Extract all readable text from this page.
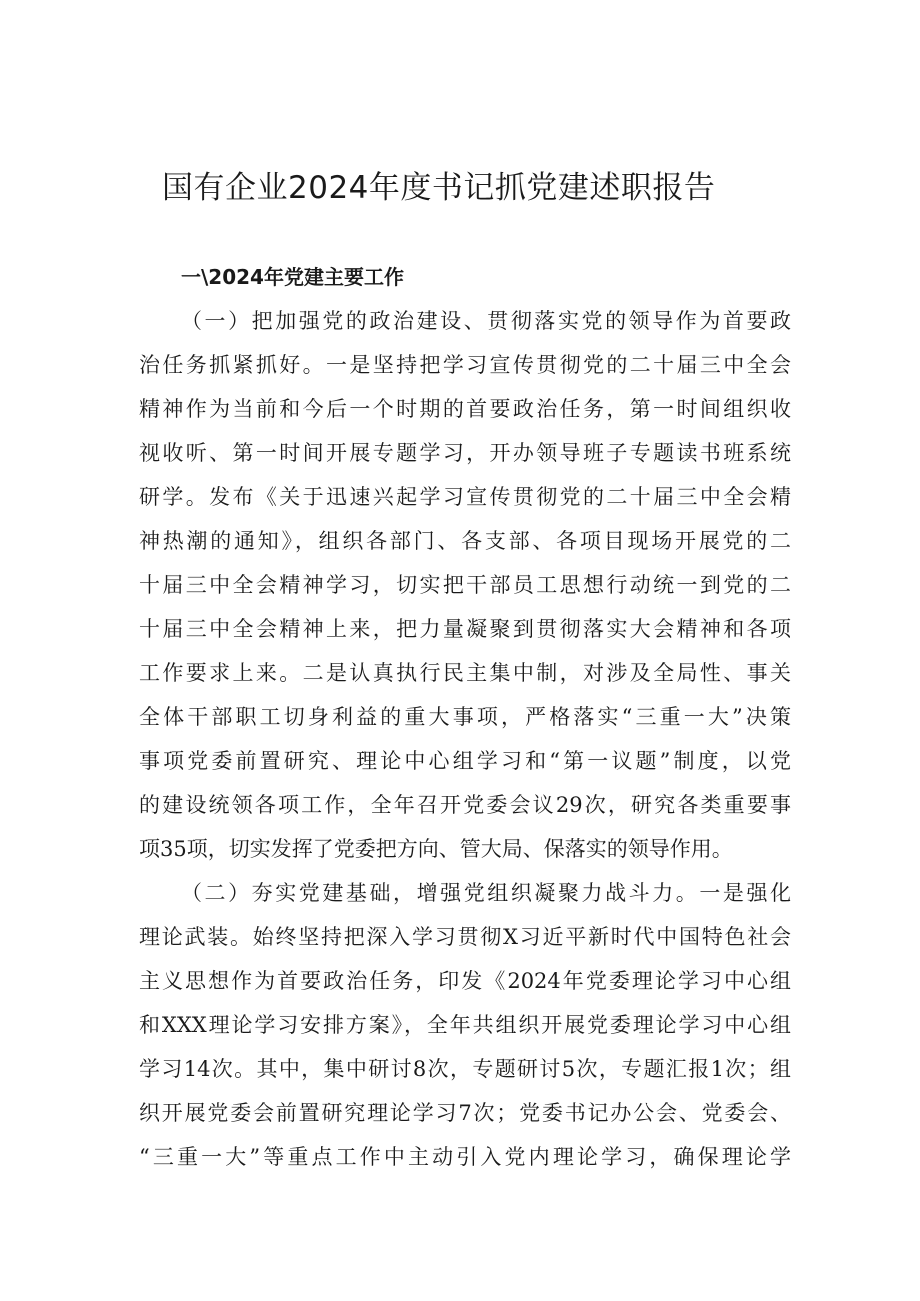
国有企业2024年度书记抓党建述职报告
一\2024年党建主要工作

（一）把加强党的政治建设、贯彻落实党的领导作为首要政
治任务抓紧抓好。一是坚持把学习宣传贯彻党的二十届三中全会
精神作为当前和今后一个时期的首要政治任务，第一时间组织收
视收听、第一时间开展专题学习，开办领导班子专题读书班系统
研学。发布《关于迅速兴起学习宣传贯彻党的二十届三中全会精
神热潮的通知》，组织各部门、各支部、各项目现场开展党的二
十届三中全会精神学习，切实把干部员工思想行动统一到党的二
十届三中全会精神上来，把力量凝聚到贯彻落实大会精神和各项
工作要求上来。二是认真执行民主集中制，对涉及全局性、事关
全体干部职工切身利益的重大事项，严格落实“三重一大”决策
事项党委前置研究、理论中心组学习和“第一议题”制度，以党
的建设统领各项工作，全年召开党委会议29次，研究各类重要事
项35项，切实发挥了党委把方向、管大局、保落实的领导作用。

（二）夯实党建基础，增强党组织凝聚力战斗力。一是强化
理论武装。始终坚持把深入学习贯彻X习近平新时代中国特色社会
主义思想作为首要政治任务，印发《2024年党委理论学习中心组
和XXX理论学习安排方案》，全年共组织开展党委理论学习中心组
学习14次。其中，集中研讨8次，专题研讨5次，专题汇报1次；组
织开展党委会前置研究理论学习7次；党委书记办公会、党委会、
“三重一大”等重点工作中主动引入党内理论学习，确保理论学
